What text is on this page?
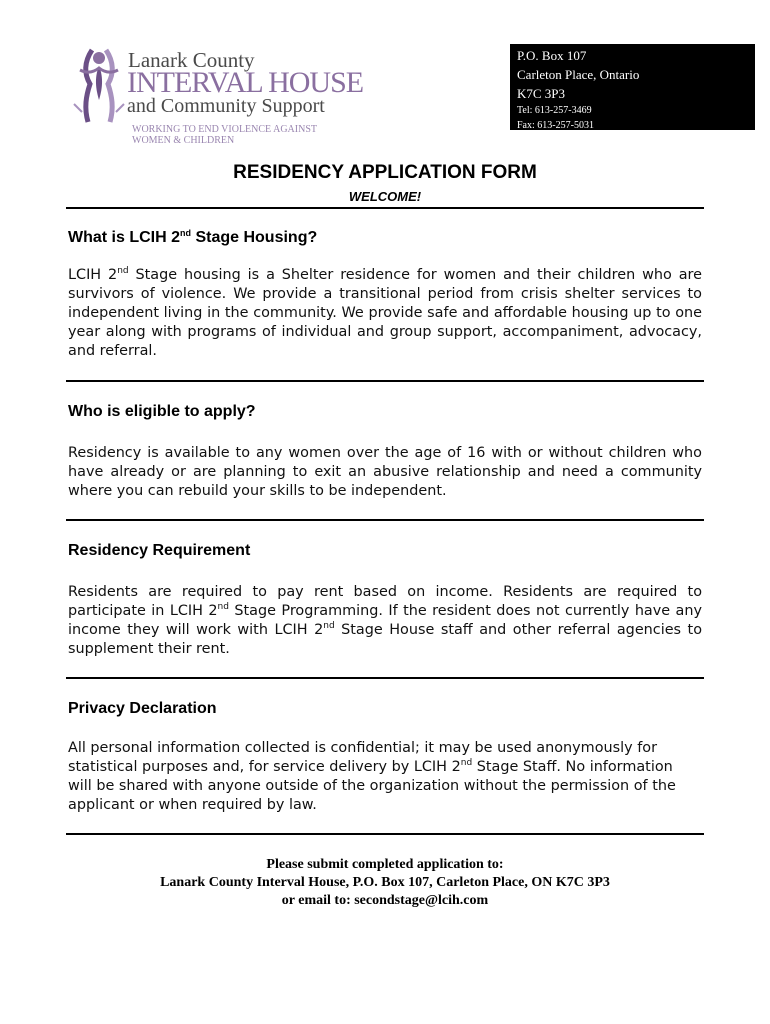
Lanark County
INTERVAL HOUSE
and Community Support
WORKING TO END VIOLENCE AGAINST
WOMEN & CHILDREN
P.O. Box 107
Carleton Place, Ontario
K7C 3P3
Tel: 613-257-3469
Fax: 613-257-5031
RESIDENCY APPLICATION FORM
WELCOME!
What is LCIH 2nd Stage Housing?
LCIH 2nd Stage housing is a Shelter residence for women and their children who are survivors of violence. We provide a transitional period from crisis shelter services to independent living in the community. We provide safe and affordable housing up to one year along with programs of individual and group support, accompaniment, advocacy, and referral.
Who is eligible to apply?
Residency is available to any women over the age of 16 with or without children who have already or are planning to exit an abusive relationship and need a community where you can rebuild your skills to be independent.
Residency Requirement
Residents are required to pay rent based on income. Residents are required to participate in LCIH 2nd Stage Programming. If the resident does not currently have any income they will work with LCIH 2nd Stage House staff and other referral agencies to supplement their rent.
Privacy Declaration
All personal information collected is confidential; it may be used anonymously for statistical purposes and, for service delivery by LCIH 2nd Stage Staff. No information will be shared with anyone outside of the organization without the permission of the applicant or when required by law.
Please submit completed application to:
Lanark County Interval House, P.O. Box 107, Carleton Place, ON K7C 3P3
or email to: secondstage@lcih.com
